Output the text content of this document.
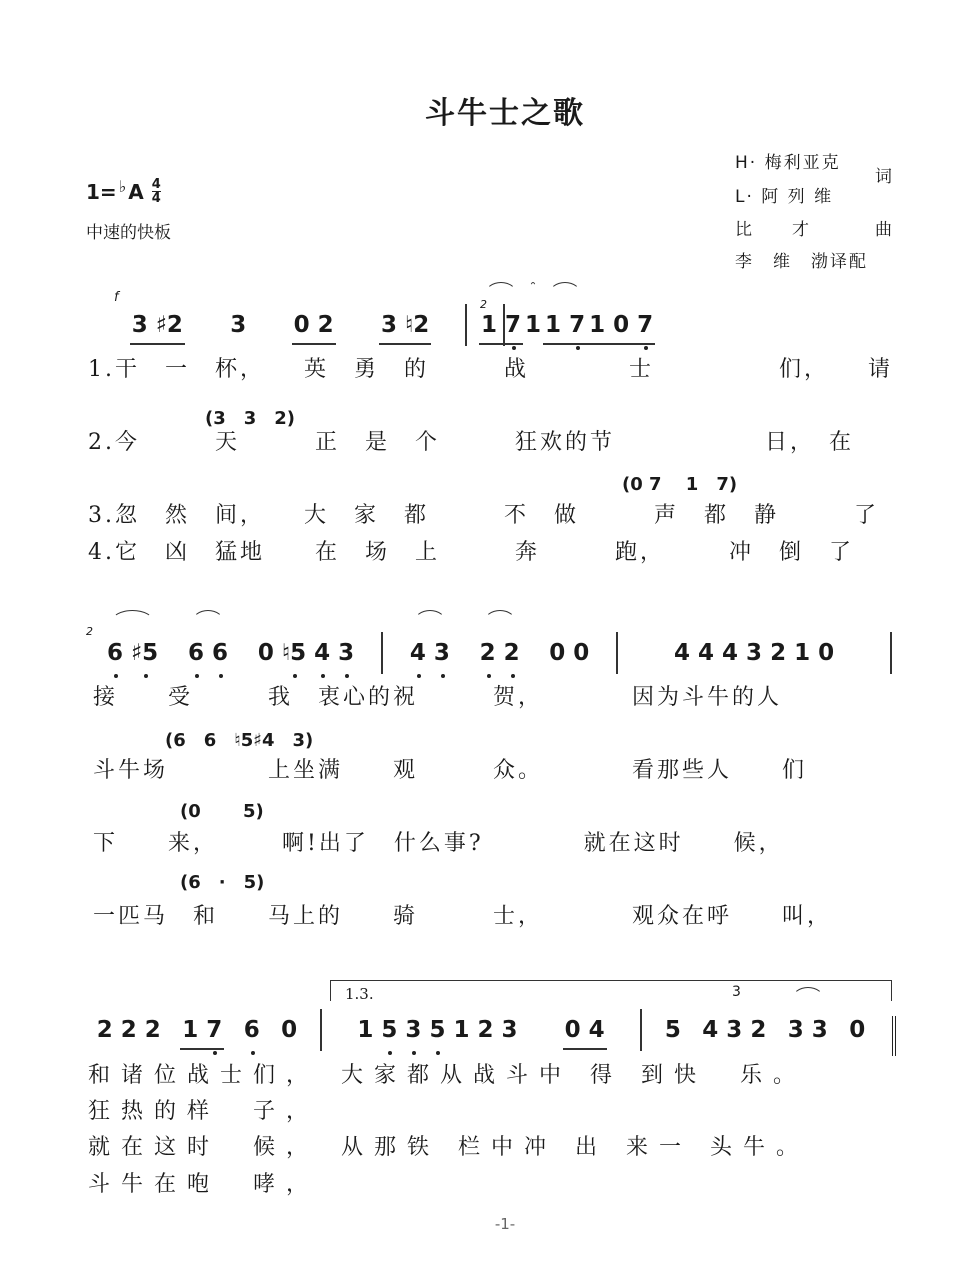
斗牛士之歌
1= ♭ A $\frac{4}{4}$
中速的快板
H· 梅利亚克
L· 阿 列 维
词
比　　才	曲
李　维　渤译配
f	2
3 ♯2 3 0 2 3 ♮2 1 7 1 1 7 1 0 7
(3　3　2)
(0 7　 1　7)
1.干　一　杯，　　英　勇　的　　　战　　　　士　　　　　们，　　请
2.今　　　天　　　正　是　个　　　狂欢的节　　　　　　日，　在
3.忽　然　间，　　大　家　都　　　不　做　　　声　都　静　　　了
4.它　凶　猛地　　在　场　上　　　奔　　　跑，　　　冲　倒　了
2
6 ♯5 6 6 0 ♮5 4 3 4 3 2 2 0 0	4 4 4 3 2 1 0
(6　6　♮5♯4　3)
(0　　 5)
(6　·　5)
接　　受　　　我　衷心的祝　　　贺，　　　　因为斗牛的人
斗牛场　　　　上坐满　　观　　　众。　　　　看那些人　　们
下　　来，　　　啊!出了　什么事?　　　　就在这时　　候，
一匹马　和　　马上的　　骑　　　士，　　　　观众在呼　　叫，
1.3.	3
2 2 2 1 7 6 0	1 5 3 5 1 2 3 0 4	5 4 3 2 3 3 0
和诸位战士们，　大家都从战斗中 得 到快　乐。
狂热的样　子，
就在这时　候，　从那铁 栏中冲 出 来一 头牛。
斗牛在咆　哮，
-1-
